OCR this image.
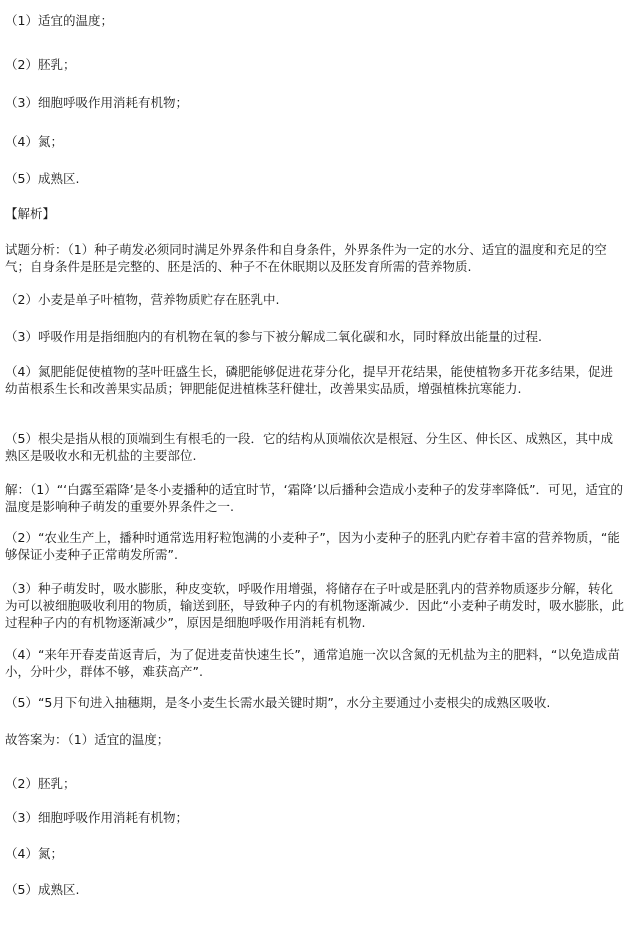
（1）适宜的温度；
（2）胚乳；
（3）细胞呼吸作用消耗有机物；
（4）氮；
（5）成熟区.
【解析】
试题分析：（1）种子萌发必须同时满足外界条件和自身条件，外界条件为一定的水分、适宜的温度和充足的空气；自身条件是胚是完整的、胚是活的、种子不在休眠期以及胚发育所需的营养物质.
（2）小麦是单子叶植物，营养物质贮存在胚乳中.
（3）呼吸作用是指细胞内的有机物在氧的参与下被分解成二氧化碳和水，同时释放出能量的过程.
（4）氮肥能促使植物的茎叶旺盛生长，磷肥能够促进花芽分化，提早开花结果，能使植物多开花多结果，促进幼苗根系生长和改善果实品质；钾肥能促进植株茎秆健壮，改善果实品质，增强植株抗寒能力.
（5）根尖是指从根的顶端到生有根毛的一段．它的结构从顶端依次是根冠、分生区、伸长区、成熟区，其中成熟区是吸收水和无机盐的主要部位.
解：（1）“‘白露至霜降’是冬小麦播种的适宜时节，‘霜降’以后播种会造成小麦种子的发芽率降低”．可见，适宜的温度是影响种子萌发的重要外界条件之一.
（2）“农业生产上，播种时通常选用籽粒饱满的小麦种子”，因为小麦种子的胚乳内贮存着丰富的营养物质，“能够保证小麦种子正常萌发所需”.
（3）种子萌发时，吸水膨胀，种皮变软，呼吸作用增强，将储存在子叶或是胚乳内的营养物质逐步分解，转化为可以被细胞吸收利用的物质，输送到胚，导致种子内的有机物逐渐减少．因此“小麦种子萌发时，吸水膨胀，此过程种子内的有机物逐渐减少”，原因是细胞呼吸作用消耗有机物.
（4）“来年开春麦苗返青后，为了促进麦苗快速生长”，通常追施一次以含氮的无机盐为主的肥料，“以免造成苗小，分叶少，群体不够，难获高产”.
（5）“5月下旬进入抽穗期，是冬小麦生长需水最关键时期”，水分主要通过小麦根尖的成熟区吸收.
故答案为：（1）适宜的温度；
（2）胚乳；
（3）细胞呼吸作用消耗有机物；
（4）氮；
（5）成熟区.
